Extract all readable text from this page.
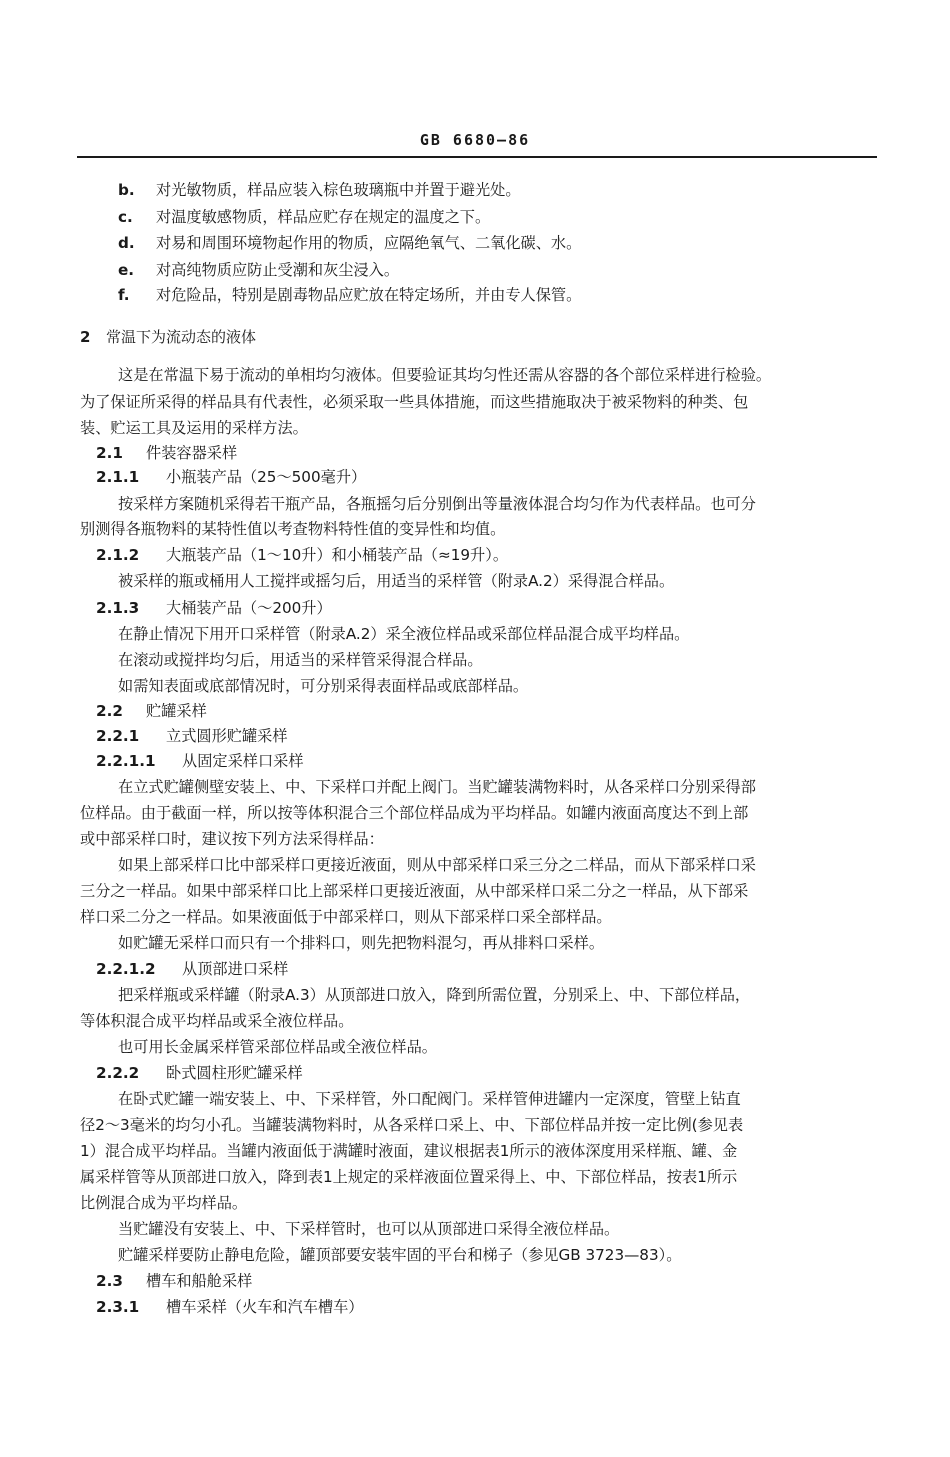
GB 6680—86
b. 对光敏物质，样品应装入棕色玻璃瓶中并置于避光处。
c. 对温度敏感物质，样品应贮存在规定的温度之下。
d. 对易和周围环境物起作用的物质，应隔绝氧气、二氧化碳、水。
e. 对高纯物质应防止受潮和灰尘浸入。
f. 对危险品，特别是剧毒物品应贮放在特定场所，并由专人保管。
2 常温下为流动态的液体
这是在常温下易于流动的单相均匀液体。但要验证其均匀性还需从容器的各个部位采样进行检验。
为了保证所采得的样品具有代表性，必须采取一些具体措施，而这些措施取决于被采物料的种类、包
装、贮运工具及运用的采样方法。
2.1 件装容器采样
2.1.1 小瓶装产品（25～500毫升）
按采样方案随机采得若干瓶产品，各瓶摇匀后分别倒出等量液体混合均匀作为代表样品。也可分
别测得各瓶物料的某特性值以考查物料特性值的变异性和均值。
2.1.2 大瓶装产品（1～10升）和小桶装产品（≈19升）。
被采样的瓶或桶用人工搅拌或摇匀后，用适当的采样管（附录A.2）采得混合样品。
2.1.3 大桶装产品（～200升）
在静止情况下用开口采样管（附录A.2）采全液位样品或采部位样品混合成平均样品。
在滚动或搅拌均匀后，用适当的采样管采得混合样品。
如需知表面或底部情况时，可分别采得表面样品或底部样品。
2.2 贮罐采样
2.2.1 立式圆形贮罐采样
2.2.1.1 从固定采样口采样
在立式贮罐侧壁安装上、中、下采样口并配上阀门。当贮罐装满物料时，从各采样口分别采得部
位样品。由于截面一样，所以按等体积混合三个部位样品成为平均样品。如罐内液面高度达不到上部
或中部采样口时，建议按下列方法采得样品：
如果上部采样口比中部采样口更接近液面，则从中部采样口采三分之二样品，而从下部采样口采
三分之一样品。如果中部采样口比上部采样口更接近液面，从中部采样口采二分之一样品，从下部采
样口采二分之一样品。如果液面低于中部采样口，则从下部采样口采全部样品。
如贮罐无采样口而只有一个排料口，则先把物料混匀，再从排料口采样。
2.2.1.2 从顶部进口采样
把采样瓶或采样罐（附录A.3）从顶部进口放入，降到所需位置，分别采上、中、下部位样品，
等体积混合成平均样品或采全液位样品。
也可用长金属采样管采部位样品或全液位样品。
2.2.2 卧式圆柱形贮罐采样
在卧式贮罐一端安装上、中、下采样管，外口配阀门。采样管伸进罐内一定深度，管壁上钻直
径2～3毫米的均匀小孔。当罐装满物料时，从各采样口采上、中、下部位样品并按一定比例(参见表
1）混合成平均样品。当罐内液面低于满罐时液面，建议根据表1所示的液体深度用采样瓶、罐、金
属采样管等从顶部进口放入，降到表1上规定的采样液面位置采得上、中、下部位样品，按表1所示
比例混合成为平均样品。
当贮罐没有安装上、中、下采样管时，也可以从顶部进口采得全液位样品。
贮罐采样要防止静电危险，罐顶部要安装牢固的平台和梯子（参见GB 3723—83）。
2.3 槽车和船舱采样
2.3.1 槽车采样（火车和汽车槽车）
